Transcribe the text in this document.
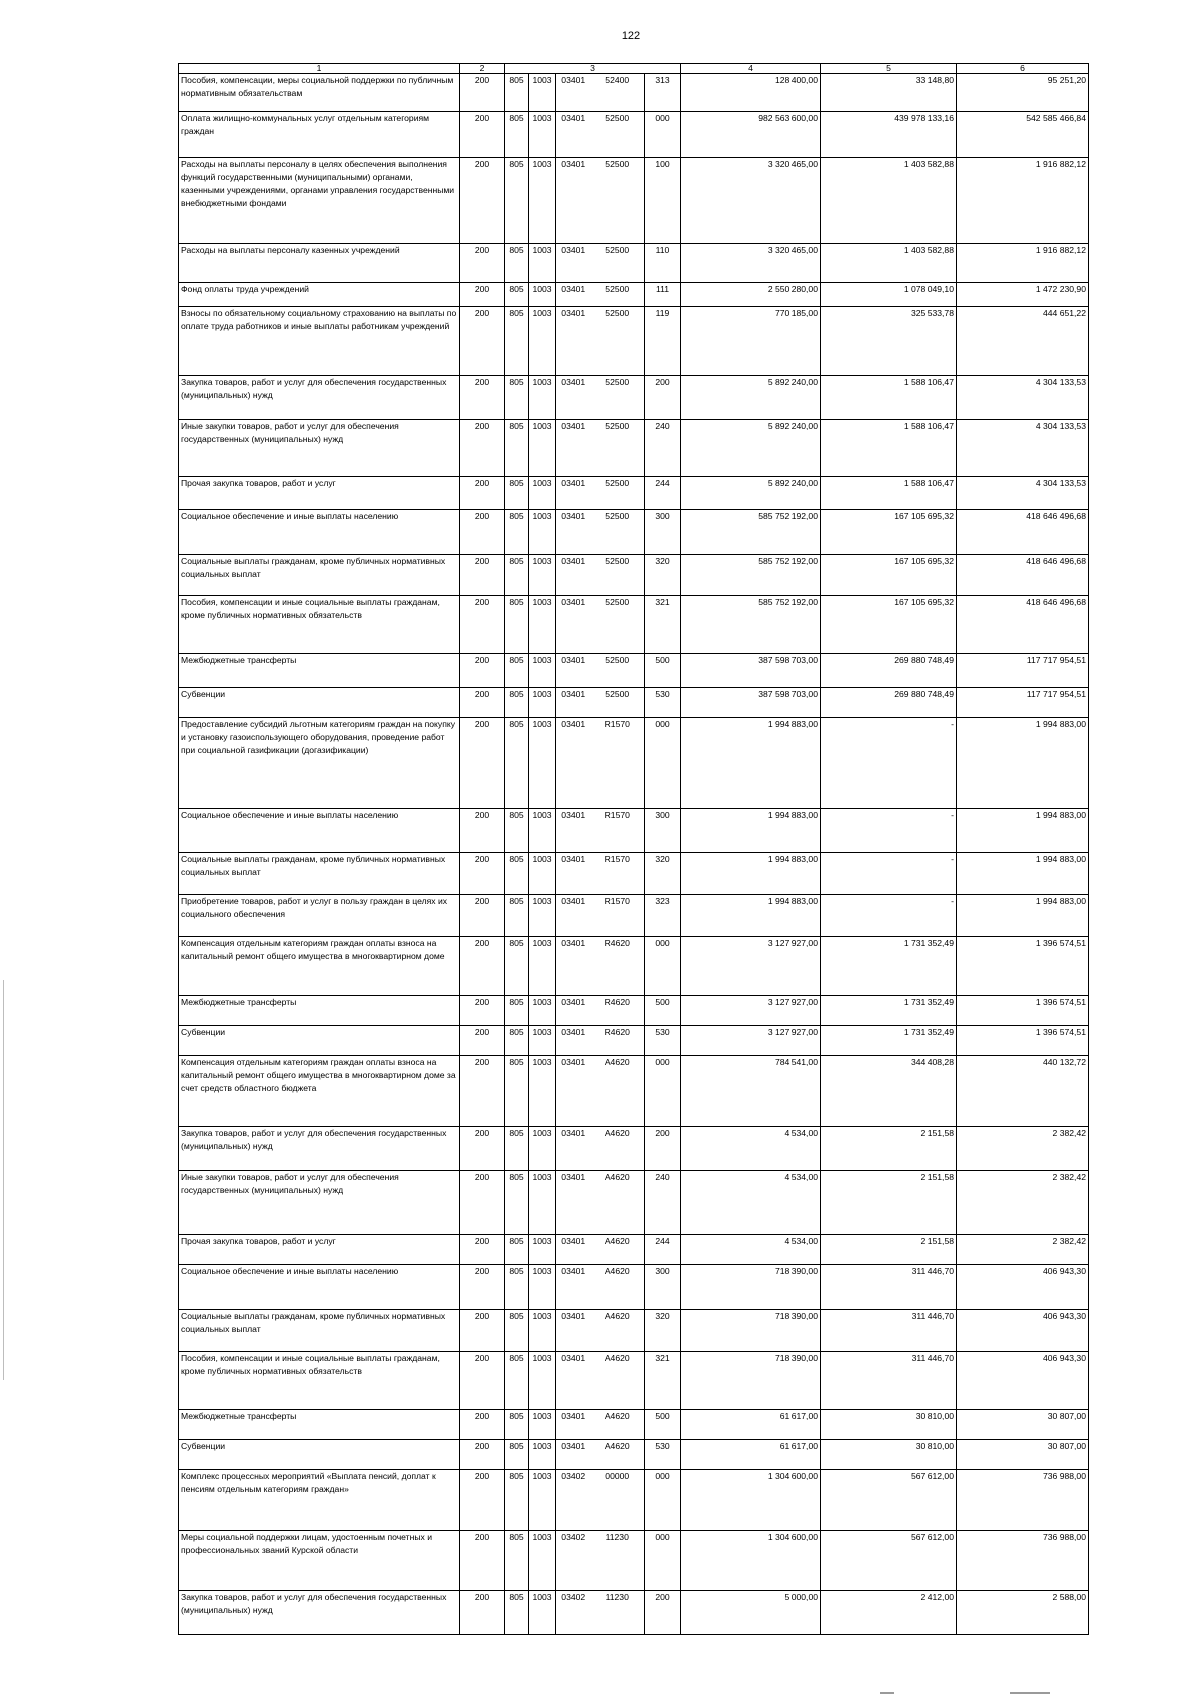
122
1	2	3					4	5	6
Пособия, компенсации, меры социальной поддержки по публичным нормативным обязательствам	200	805	1003	03401	52400	313	128 400,00	33 148,80	95 251,20
Оплата жилищно-коммунальных услуг отдельным категориям граждан	200	805	1003	03401	52500	000	982 563 600,00	439 978 133,16	542 585 466,84
Расходы на выплаты персоналу в целях обеспечения выполнения функций государственными (муниципальными) органами, казенными учреждениями, органами управления государственными внебюджетными фондами	200	805	1003	03401	52500	100	3 320 465,00	1 403 582,88	1 916 882,12
Расходы на выплаты персоналу казенных учреждений	200	805	1003	03401	52500	110	3 320 465,00	1 403 582,88	1 916 882,12
Фонд оплаты труда учреждений	200	805	1003	03401	52500	111	2 550 280,00	1 078 049,10	1 472 230,90
Взносы по обязательному социальному страхованию на выплаты по оплате труда работников и иные выплаты работникам учреждений	200	805	1003	03401	52500	119	770 185,00	325 533,78	444 651,22
Закупка товаров, работ и услуг для обеспечения государственных (муниципальных) нужд	200	805	1003	03401	52500	200	5 892 240,00	1 588 106,47	4 304 133,53
Иные закупки товаров, работ и услуг для обеспечения государственных (муниципальных) нужд	200	805	1003	03401	52500	240	5 892 240,00	1 588 106,47	4 304 133,53
Прочая закупка товаров, работ и услуг	200	805	1003	03401	52500	244	5 892 240,00	1 588 106,47	4 304 133,53
Социальное обеспечение и иные выплаты населению	200	805	1003	03401	52500	300	585 752 192,00	167 105 695,32	418 646 496,68
Социальные выплаты гражданам, кроме публичных нормативных социальных выплат	200	805	1003	03401	52500	320	585 752 192,00	167 105 695,32	418 646 496,68
Пособия, компенсации и иные социальные выплаты гражданам, кроме публичных нормативных обязательств	200	805	1003	03401	52500	321	585 752 192,00	167 105 695,32	418 646 496,68
Межбюджетные трансферты	200	805	1003	03401	52500	500	387 598 703,00	269 880 748,49	117 717 954,51
Субвенции	200	805	1003	03401	52500	530	387 598 703,00	269 880 748,49	117 717 954,51
Предоставление субсидий льготным категориям граждан на покупку и установку газоиспользующего оборудования, проведение работ при социальной газификации (догазификации)	200	805	1003	03401	R1570	000	1 994 883,00	-	1 994 883,00
Социальное обеспечение и иные выплаты населению	200	805	1003	03401	R1570	300	1 994 883,00	-	1 994 883,00
Социальные выплаты гражданам, кроме публичных нормативных социальных выплат	200	805	1003	03401	R1570	320	1 994 883,00	-	1 994 883,00
Приобретение товаров, работ и услуг в пользу граждан в целях их социального обеспечения	200	805	1003	03401	R1570	323	1 994 883,00	-	1 994 883,00
Компенсация отдельным категориям граждан оплаты взноса на капитальный ремонт общего имущества в многоквартирном доме	200	805	1003	03401	R4620	000	3 127 927,00	1 731 352,49	1 396 574,51
Межбюджетные трансферты	200	805	1003	03401	R4620	500	3 127 927,00	1 731 352,49	1 396 574,51
Субвенции	200	805	1003	03401	R4620	530	3 127 927,00	1 731 352,49	1 396 574,51
Компенсация отдельным категориям граждан оплаты взноса на капитальный ремонт общего имущества в многоквартирном доме за счет средств областного бюджета	200	805	1003	03401	A4620	000	784 541,00	344 408,28	440 132,72
Закупка товаров, работ и услуг для обеспечения государственных (муниципальных) нужд	200	805	1003	03401	A4620	200	4 534,00	2 151,58	2 382,42
Иные закупки товаров, работ и услуг для обеспечения государственных (муниципальных) нужд	200	805	1003	03401	A4620	240	4 534,00	2 151,58	2 382,42
Прочая закупка товаров, работ и услуг	200	805	1003	03401	A4620	244	4 534,00	2 151,58	2 382,42
Социальное обеспечение и иные выплаты населению	200	805	1003	03401	A4620	300	718 390,00	311 446,70	406 943,30
Социальные выплаты гражданам, кроме публичных нормативных социальных выплат	200	805	1003	03401	A4620	320	718 390,00	311 446,70	406 943,30
Пособия, компенсации и иные социальные выплаты гражданам, кроме публичных нормативных обязательств	200	805	1003	03401	A4620	321	718 390,00	311 446,70	406 943,30
Межбюджетные трансферты	200	805	1003	03401	A4620	500	61 617,00	30 810,00	30 807,00
Субвенции	200	805	1003	03401	A4620	530	61 617,00	30 810,00	30 807,00
Комплекс процессных мероприятий «Выплата пенсий, доплат к пенсиям отдельным категориям граждан»	200	805	1003	03402	00000	000	1 304 600,00	567 612,00	736 988,00
Меры социальной поддержки лицам, удостоенным почетных и профессиональных званий Курской области	200	805	1003	03402	11230	000	1 304 600,00	567 612,00	736 988,00
Закупка товаров, работ и услуг для обеспечения государственных (муниципальных) нужд	200	805	1003	03402	11230	200	5 000,00	2 412,00	2 588,00
